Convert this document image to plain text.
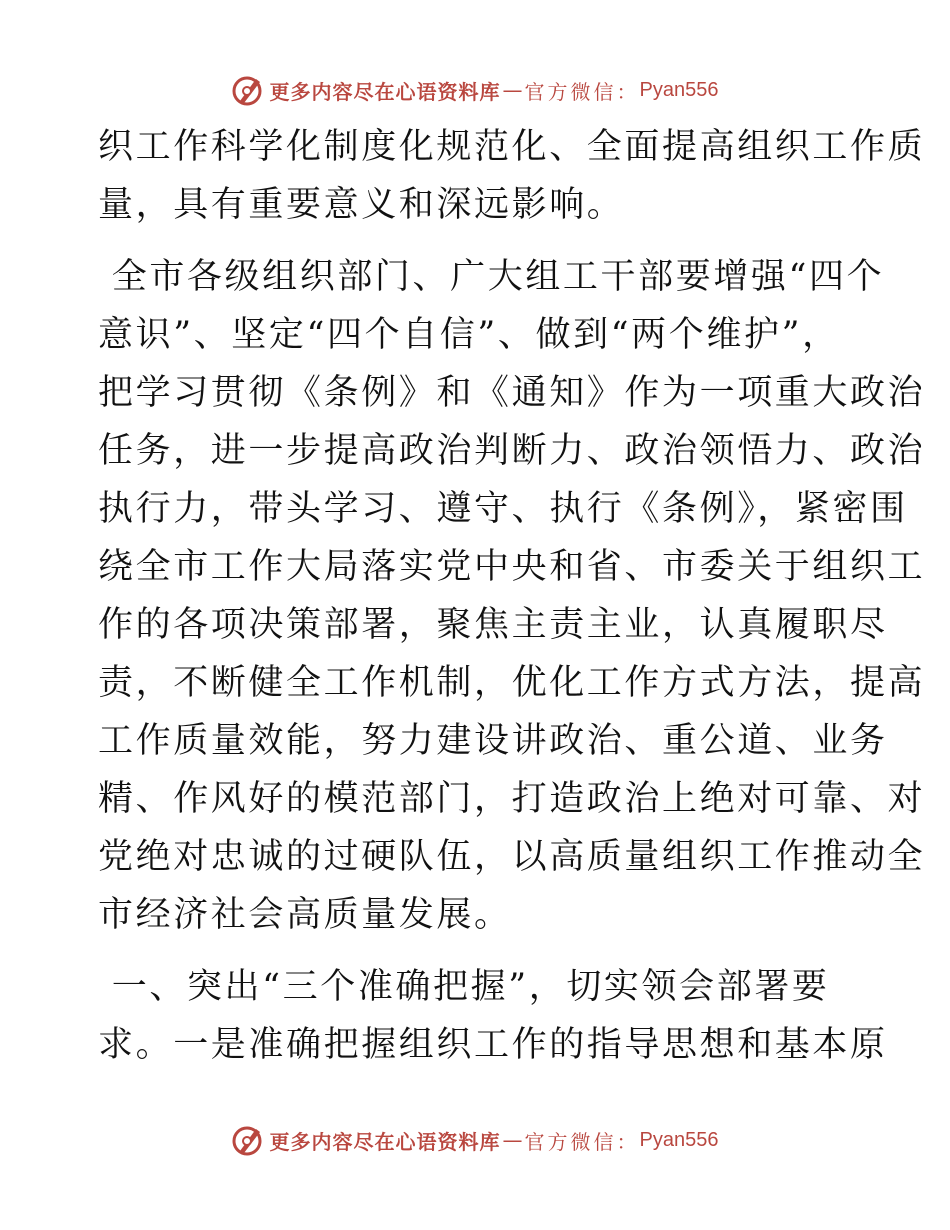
更多内容尽在心语资料库 — 官方微信： Pyan556

织工作科学化制度化规范化、全面提高组织工作质

量，具有重要意义和深远影响。

全市各级组织部门、广大组工干部要增强“四个

意识”、坚定“四个自信”、做到“两个维护”，

把学习贯彻《条例》和《通知》作为一项重大政治

任务，进一步提高政治判断力、政治领悟力、政治

执行力，带头学习、遵守、执行《条例》，紧密围

绕全市工作大局落实党中央和省、市委关于组织工

作的各项决策部署，聚焦主责主业，认真履职尽

责，不断健全工作机制，优化工作方式方法，提高

工作质量效能，努力建设讲政治、重公道、业务

精、作风好的模范部门，打造政治上绝对可靠、对

党绝对忠诚的过硬队伍，以高质量组织工作推动全

市经济社会高质量发展。

一、突出“三个准确把握”，切实领会部署要

求。一是准确把握组织工作的指导思想和基本原

更多内容尽在心语资料库 — 官方微信： Pyan556
